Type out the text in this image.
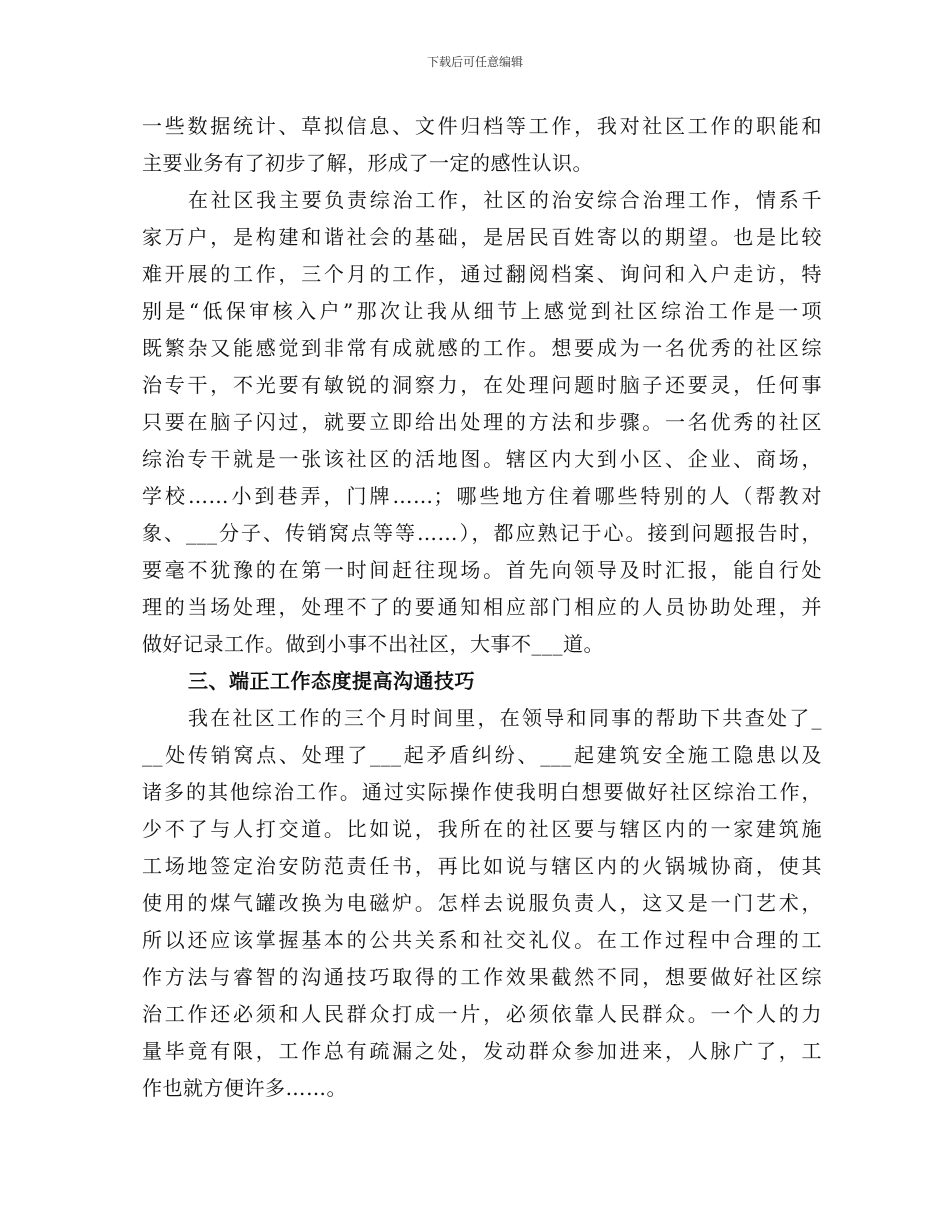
下载后可任意编辑
一些数据统计、草拟信息、文件归档等工作，我对社区工作的职能和
主要业务有了初步了解，形成了一定的感性认识。
在社区我主要负责综治工作，社区的治安综合治理工作，情系千
家万户，是构建和谐社会的基础，是居民百姓寄以的期望。也是比较
难开展的工作，三个月的工作，通过翻阅档案、询问和入户走访，特
别是“低保审核入户”那次让我从细节上感觉到社区综治工作是一项
既繁杂又能感觉到非常有成就感的工作。想要成为一名优秀的社区综
治专干，不光要有敏锐的洞察力，在处理问题时脑子还要灵，任何事
只要在脑子闪过，就要立即给出处理的方法和步骤。一名优秀的社区
综治专干就是一张该社区的活地图。辖区内大到小区、企业、商场，
学校……小到巷弄，门牌……；哪些地方住着哪些特别的人（帮教对
象、___分子、传销窝点等等……），都应熟记于心。接到问题报告时，
要毫不犹豫的在第一时间赶往现场。首先向领导及时汇报，能自行处
理的当场处理，处理不了的要通知相应部门相应的人员协助处理，并
做好记录工作。做到小事不出社区，大事不___道。
三、端正工作态度提高沟通技巧
我在社区工作的三个月时间里，在领导和同事的帮助下共查处了_
__处传销窝点、处理了___起矛盾纠纷、___起建筑安全施工隐患以及
诸多的其他综治工作。通过实际操作使我明白想要做好社区综治工作，
少不了与人打交道。比如说，我所在的社区要与辖区内的一家建筑施
工场地签定治安防范责任书，再比如说与辖区内的火锅城协商，使其
使用的煤气罐改换为电磁炉。怎样去说服负责人，这又是一门艺术，
所以还应该掌握基本的公共关系和社交礼仪。在工作过程中合理的工
作方法与睿智的沟通技巧取得的工作效果截然不同，想要做好社区综
治工作还必须和人民群众打成一片，必须依靠人民群众。一个人的力
量毕竟有限，工作总有疏漏之处，发动群众参加进来，人脉广了，工
作也就方便许多……。
